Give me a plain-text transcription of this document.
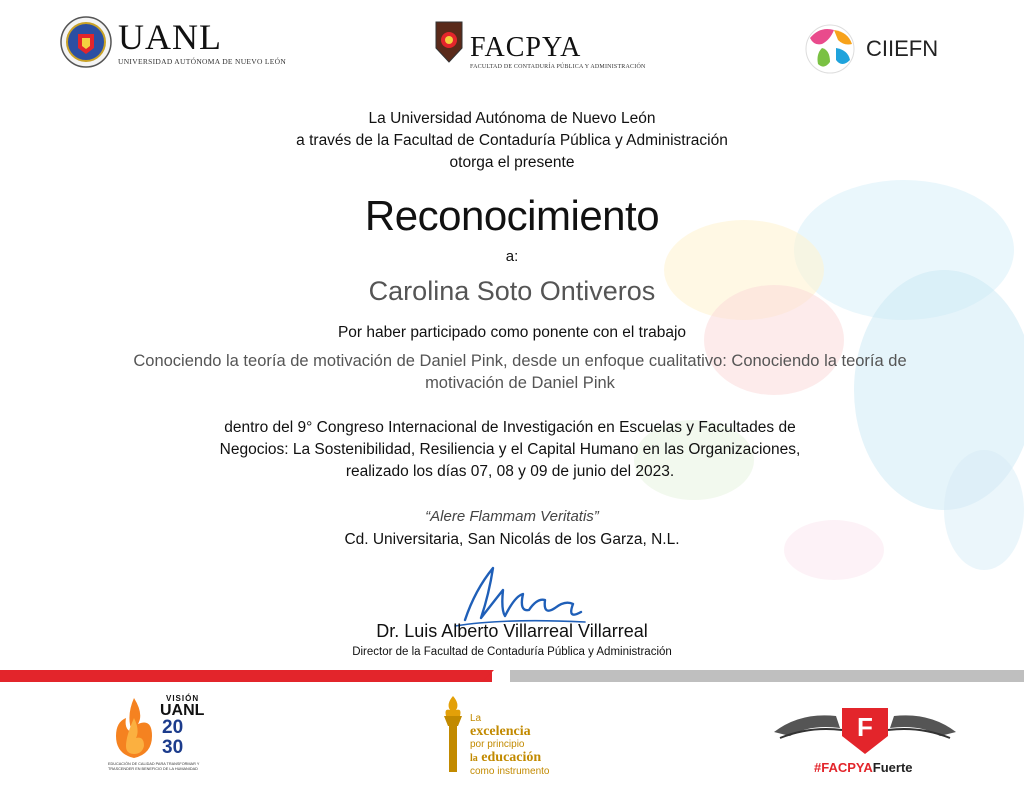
UANL
UNIVERSIDAD AUTÓNOMA DE NUEVO LEÓN	FACPYA
FACULTAD DE CONTADURÍA PÚBLICA Y ADMINISTRACIÓN
CIIEFN
La Universidad Autónoma de Nuevo León
a través de la Facultad de Contaduría Pública y Administración
otorga el presente
Reconocimiento
a:
Carolina Soto Ontiveros
Por haber participado como ponente con el trabajo
Conociendo la teoría de motivación de Daniel Pink, desde un enfoque cualitativo: Conociendo la teoría de motivación de Daniel Pink
dentro del 9° Congreso Internacional de Investigación en Escuelas y Facultades de
Negocios: La Sostenibilidad, Resiliencia y el Capital Humano en las Organizaciones,
realizado los días 07, 08 y 09 de junio del 2023.
“Alere Flammam Veritatis”
Cd. Universitaria, San Nicolás de los Garza, N.L.
Dr. Luis Alberto Villarreal Villarreal
Director de la Facultad de Contaduría Pública y Administración
VISIÓN
UANL
20
30
EDUCACIÓN DE CALIDAD PARA TRANSFORMAR Y TRASCENDER EN BENEFICIO DE LA HUMANIDAD
La
excelencia
por principio
la educación
como instrumento
F
#FACPYAFuerte
